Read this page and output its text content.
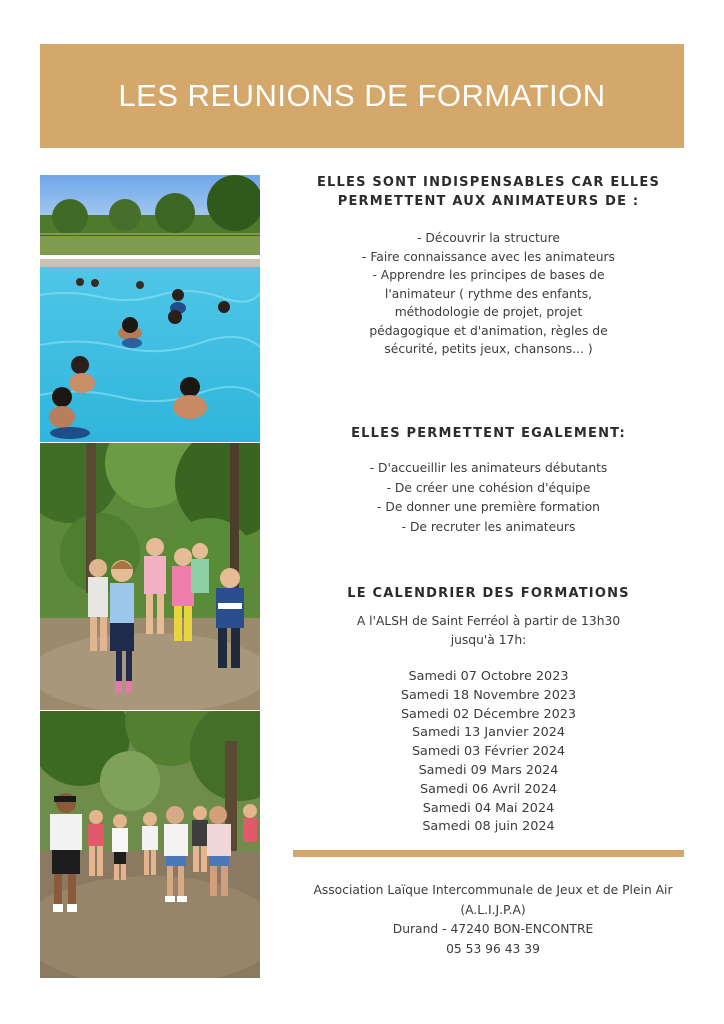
LES REUNIONS DE FORMATION

ELLES SONT INDISPENSABLES CAR ELLES
PERMETTENT AUX ANIMATEURS DE :

- Découvrir la structure
- Faire connaissance avec les animateurs
- Apprendre les principes de bases de
l'animateur ( rythme des enfants,
méthodologie de projet, projet
pédagogique et d'animation, règles de
sécurité, petits jeux, chansons... )

ELLES PERMETTENT EGALEMENT:

- D'accueillir les animateurs débutants
- De créer une cohésion d'équipe
- De donner une première formation
- De recruter les animateurs

LE CALENDRIER DES FORMATIONS

A l'ALSH de Saint Ferréol à partir de 13h30
jusqu'à 17h:
Samedi 07 Octobre 2023
Samedi 18 Novembre 2023
Samedi 02 Décembre 2023
Samedi 13 Janvier 2024
Samedi 03 Février 2024
Samedi 09 Mars 2024
Samedi 06 Avril 2024
Samedi 04 Mai 2024
Samedi 08 juin 2024
Association Laïque Intercommunale de Jeux et de Plein Air
(A.L.I.J.P.A)
Durand - 47240 BON-ENCONTRE
05 53 96 43 39
